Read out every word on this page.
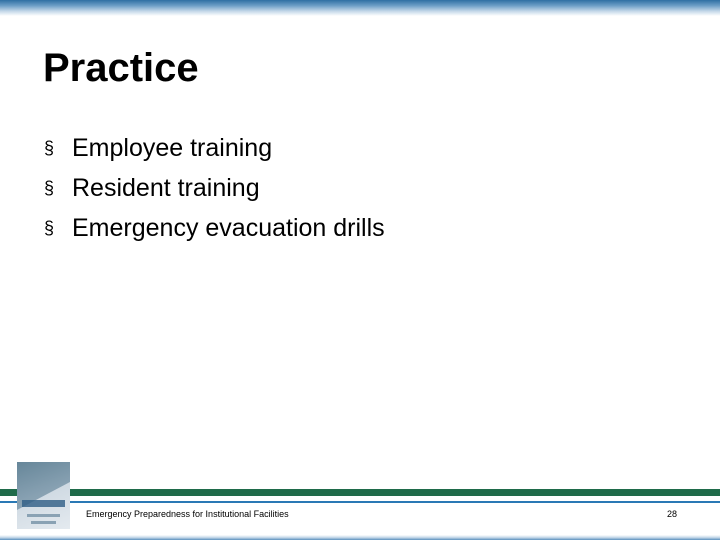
Practice
§ Employee training
§ Resident training
§ Emergency evacuation drills
Emergency Preparedness for Institutional Facilities	28
